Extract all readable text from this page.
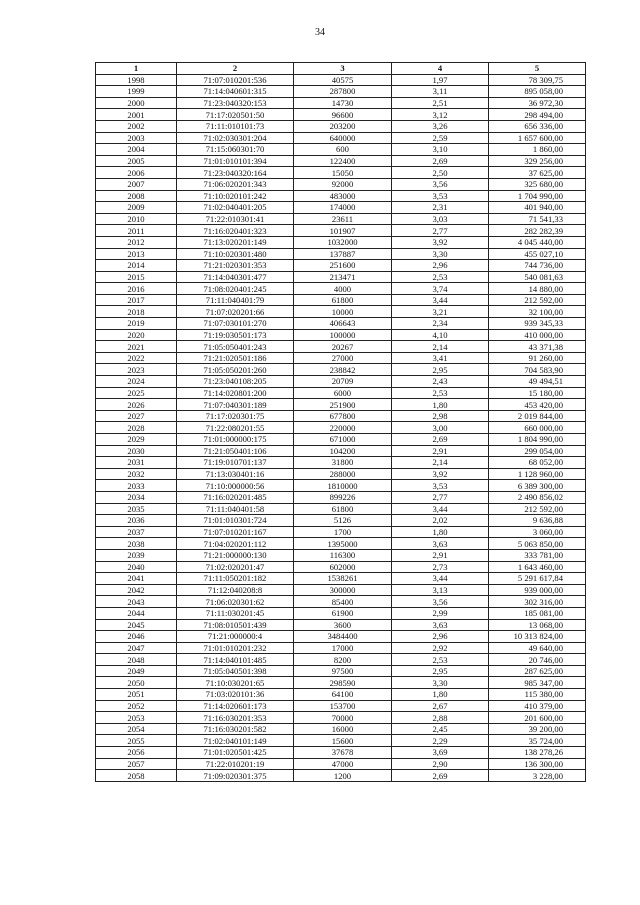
34
1	2	3	4	5
1998	71:07:010201:536	40575	1,97	78 309,75
1999	71:14:040601:315	287800	3,11	895 058,00
2000	71:23:040320:153	14730	2,51	36 972,30
2001	71:17:020501:50	96600	3,12	298 494,00
2002	71:11:010101:73	203200	3,26	656 336,00
2003	71:02:030301:204	640000	2,59	1 657 600,00
2004	71:15:060301:70	600	3,10	1 860,00
2005	71:01:010101:394	122400	2,69	329 256,00
2006	71:23:040320:164	15050	2,50	37 625,00
2007	71:06:020201:343	92000	3,56	325 680,00
2008	71:10:020101:242	483000	3,53	1 704 990,00
2009	71:02:040401:205	174000	2,31	401 940,00
2010	71:22:010301:41	23611	3,03	71 541,33
2011	71:16:020401:323	101907	2,77	282 282,39
2012	71:13:020201:149	1032000	3,92	4 045 440,00
2013	71:10:020301:480	137887	3,30	455 027,10
2014	71:21:020301:353	251600	2,96	744 736,00
2015	71:14:040301:477	213471	2,53	540 081,63
2016	71:08:020401:245	4000	3,74	14 880,00
2017	71:11:040401:79	61800	3,44	212 592,00
2018	71:07:020201:66	10000	3,21	32 100,00
2019	71:07:030101:270	406643	2,34	939 345,33
2020	71:19:030501:173	100000	4,10	410 000,00
2021	71:05:050401:243	20267	2,14	43 371,38
2022	71:21:020501:186	27000	3,41	91 260,00
2023	71:05:050201:260	238842	2,95	704 583,90
2024	71:23:040108:205	20709	2,43	49 494,51
2025	71:14:020801:200	6000	2,53	15 180,00
2026	71:07:040301:189	251900	1,80	453 420,00
2027	71:17:020301:75	677800	2,98	2 019 844,00
2028	71:22:080201:55	220000	3,00	660 000,00
2029	71:01:000000:175	671000	2,69	1 804 990,00
2030	71:21:050401:106	104200	2,91	299 054,00
2031	71:19:010701:137	31800	2,14	68 052,00
2032	71:13:030401:16	288000	3,92	1 128 960,00
2033	71:10:000000:56	1810000	3,53	6 389 300,00
2034	71:16:020201:485	899226	2,77	2 490 856,02
2035	71:11:040401:58	61800	3,44	212 592,00
2036	71:01:010301:724	5126	2,02	9 636,88
2037	71:07:010201:167	1700	1,80	3 060,00
2038	71:04:020201:112	1395000	3,63	5 063 850,00
2039	71:21:000000:130	116300	2,91	333 781,00
2040	71:02:020201:47	602000	2,73	1 643 460,00
2041	71:11:050201:182	1538261	3,44	5 291 617,84
2042	71:12:040208:8	300000	3,13	939 000,00
2043	71:06:020301:62	85400	3,56	302 316,00
2044	71:11:030201:45	61900	2,99	185 081,00
2045	71:08:010501:439	3600	3,63	13 068,00
2046	71:21:000000:4	3484400	2,96	10 313 824,00
2047	71:01:010201:232	17000	2,92	49 640,00
2048	71:14:040101:485	8200	2,53	20 746,00
2049	71:05:040501:398	97500	2,95	287 625,00
2050	71:10:030201:65	298590	3,30	985 347,00
2051	71:03:020101:36	64100	1,80	115 380,00
2052	71:14:020601:173	153700	2,67	410 379,00
2053	71:16:030201:353	70000	2,88	201 600,00
2054	71:16:030201:582	16000	2,45	39 200,00
2055	71:02:040101:149	15600	2,29	35 724,00
2056	71:01:020501:425	37678	3,69	138 278,26
2057	71:22:010201:19	47000	2,90	136 300,00
2058	71:09:020301:375	1200	2,69	3 228,00
